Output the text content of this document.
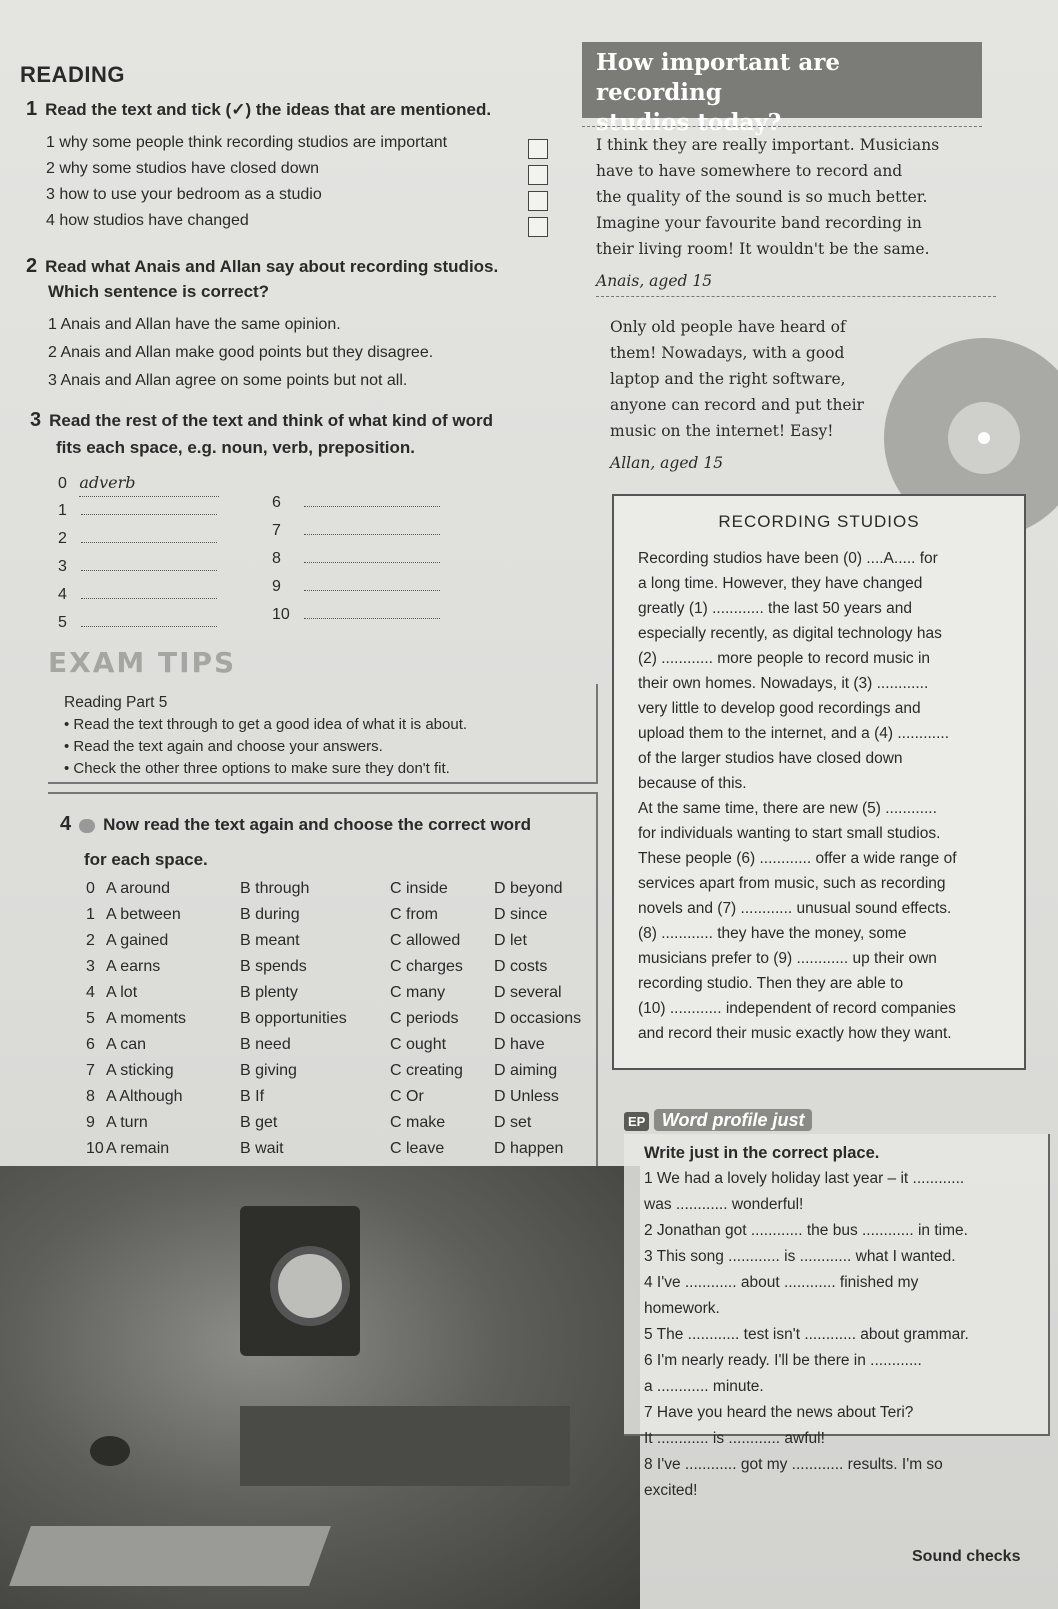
READING
1 Read the text and tick (✓) the ideas that are mentioned.
1 why some people think recording studios are important
2 why some studios have closed down
3 how to use your bedroom as a studio
4 how studios have changed
2 Read what Anais and Allan say about recording studios.
Which sentence is correct?
1 Anais and Allan have the same opinion.
2 Anais and Allan make good points but they disagree.
3 Anais and Allan agree on some points but not all.
3 Read the rest of the text and think of what kind of word
fits each space, e.g. noun, verb, preposition.
0 adverb
1
2
3
4
5
6
7
8
9
10
How important are recording
studios today?
I think they are really important. Musicians
have to have somewhere to record and
the quality of the sound is so much better.
Imagine your favourite band recording in
their living room! It wouldn't be the same.
Anais, aged 15
Only old people have heard of
them! Nowadays, with a good
laptop and the right software,
anyone can record and put their
music on the internet! Easy!
Allan, aged 15
EXAM TIPS
Reading Part 5
• Read the text through to get a good idea of what it is about.
• Read the text again and choose your answers.
• Check the other three options to make sure they don't fit.
4 Now read the text again and choose the correct word
for each space.
0 A around	B through	C inside	D beyond
1 A between	B during	C from	D since
2 A gained	B meant	C allowed D let
3 A earns	B spends	C charges D costs
4 A lot	B plenty	C many	D several
5 A moments	B opportunities	C periods D occasions
6 A can	B need	C ought	D have
7 A sticking	B giving	C creating D aiming
8 A Although	B If	C Or	D Unless
9 A turn	B get	C make	D set
10 A remain	B wait	C leave	D happen
RECORDING STUDIOS
Recording studios have been (0) ....A..... for
a long time. However, they have changed
greatly (1) ............ the last 50 years and
especially recently, as digital technology has
(2) ............ more people to record music in
their own homes. Nowadays, it (3) ............
very little to develop good recordings and
upload them to the internet, and a (4) ............
of the larger studios have closed down
because of this.
At the same time, there are new (5) ............
for individuals wanting to start small studios.
These people (6) ............ offer a wide range of
services apart from music, such as recording
novels and (7) ............ unusual sound effects.
(8) ............ they have the money, some
musicians prefer to (9) ............ up their own
recording studio. Then they are able to
(10) ............ independent of record companies
and record their music exactly how they want.
EP Word profile just
Write just in the correct place.
1 We had a lovely holiday last year – it ............
was ............ wonderful!
2 Jonathan got ............ the bus ............ in time.
3 This song ............ is ............ what I wanted.
4 I've ............ about ............ finished my
homework.
5 The ............ test isn't ............ about grammar.
6 I'm nearly ready. I'll be there in ............
a ............ minute.
7 Have you heard the news about Teri?
It ............ is ............ awful!
8 I've ............ got my ............ results. I'm so
excited!
Sound checks
